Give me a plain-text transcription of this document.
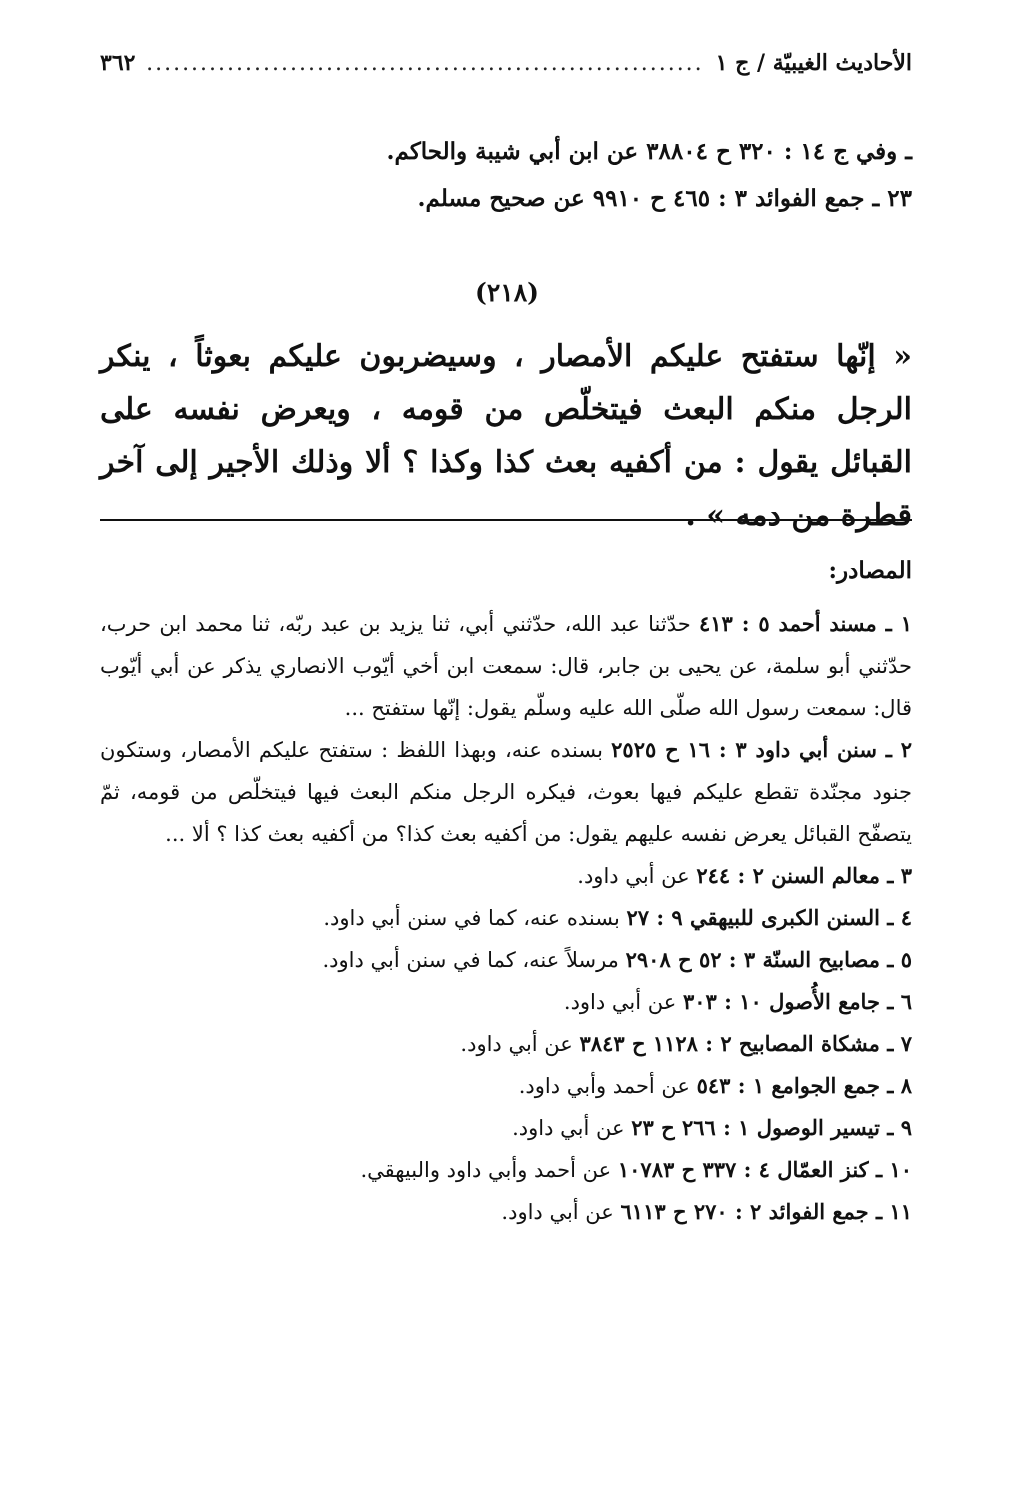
الأحاديث الغيبيّة / ج ١
.....
٣٦٢
ـ وفي ج ١٤ : ٣٢٠ ح ٣٨٨٠٤ عن ابن أبي شيبة والحاكم.
٢٣ ـ جمع الفوائد ٣ : ٤٦٥ ح ٩٩١٠ عن صحيح مسلم.
(٢١٨)
« إنّها ستفتح عليكم الأمصار ، وسيضربون عليكم بعوثاً ، ينكر الرجل منكم البعث فيتخلّص من قومه ، ويعرض نفسه على القبائل يقول : من أكفيه بعث كذا وكذا ؟ ألا وذلك الأجير إلى آخر قطرة من دمه » .
المصادر:
١ ـ مسند أحمد ٥ : ٤١٣ حدّثنا عبد الله، حدّثني أبي، ثنا يزيد بن عبد ربّه، ثنا محمد ابن حرب، حدّثني أبو سلمة، عن يحيى بن جابر، قال: سمعت ابن أخي أيّوب الانصاري يذكر عن أبي أيّوب قال: سمعت رسول الله صلّى الله عليه وسلّم يقول: إنّها ستفتح ...
٢ ـ سنن أبي داود ٣ : ١٦ ح ٢٥٢٥ بسنده عنه، وبهذا اللفظ : ستفتح عليكم الأمصار، وستكون جنود مجنّدة تقطع عليكم فيها بعوث، فيكره الرجل منكم البعث فيها فيتخلّص من قومه، ثمّ يتصفّح القبائل يعرض نفسه عليهم يقول: من أكفيه بعث كذا؟ من أكفيه بعث كذا ؟ ألا ...
٣ ـ معالم السنن ٢ : ٢٤٤ عن أبي داود.
٤ ـ السنن الكبرى للبيهقي ٩ : ٢٧ بسنده عنه، كما في سنن أبي داود.
٥ ـ مصابيح السنّة ٣ : ٥٢ ح ٢٩٠٨ مرسلاً عنه، كما في سنن أبي داود.
٦ ـ جامع الأُصول ١٠ : ٣٠٣ عن أبي داود.
٧ ـ مشكاة المصابيح ٢ : ١١٢٨ ح ٣٨٤٣ عن أبي داود.
٨ ـ جمع الجوامع ١ : ٥٤٣ عن أحمد وأبي داود.
٩ ـ تيسير الوصول ١ : ٢٦٦ ح ٢٣ عن أبي داود.
١٠ ـ كنز العمّال ٤ : ٣٣٧ ح ١٠٧٨٣ عن أحمد وأبي داود والبيهقي.
١١ ـ جمع الفوائد ٢ : ٢٧٠ ح ٦١١٣ عن أبي داود.
